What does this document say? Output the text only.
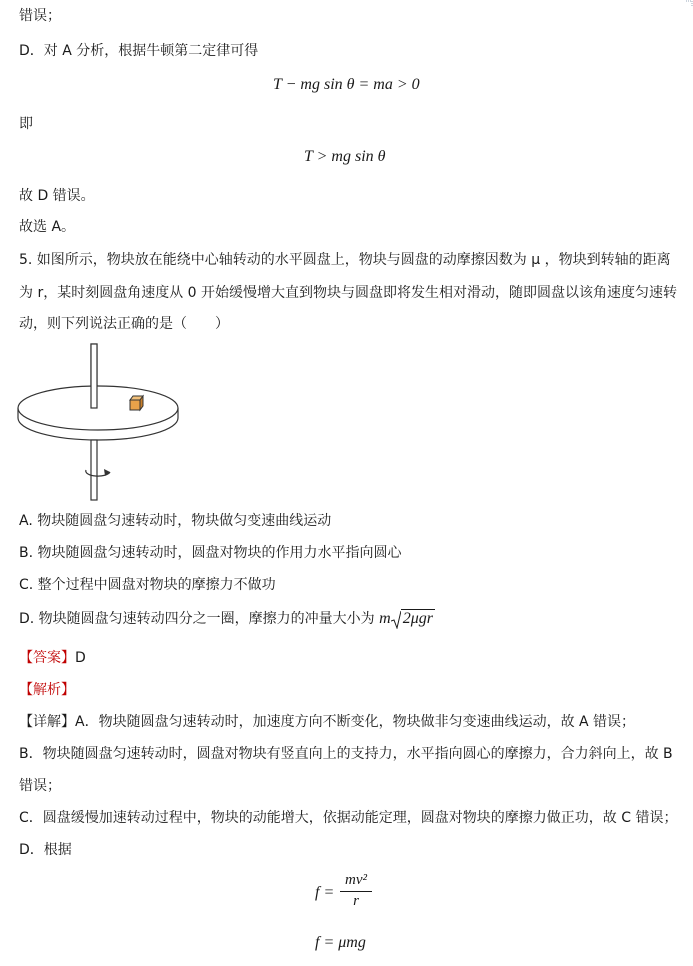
错误；
D．对 A 分析，根据牛顿第二定律可得
T − mg sin θ = ma > 0
即
T > mg sin θ
故 D 错误。
故选 A。
5. 如图所示，物块放在能绕中心轴转动的水平圆盘上，物块与圆盘的动摩擦因数为 μ ，物块到转轴的距离
为 r，某时刻圆盘角速度从 0 开始缓慢增大直到物块与圆盘即将发生相对滑动，随即圆盘以该角速度匀速转
动，则下列说法正确的是（　　）
A. 物块随圆盘匀速转动时，物块做匀变速曲线运动
B. 物块随圆盘匀速转动时，圆盘对物块的作用力水平指向圆心
C. 整个过程中圆盘对物块的摩擦力不做功
D. 物块随圆盘匀速转动四分之一圈，摩擦力的冲量大小为 m 2μgr
【答案】D
【解析】
【详解】A．物块随圆盘匀速转动时，加速度方向不断变化，物块做非匀变速曲线运动，故 A 错误；
B．物块随圆盘匀速转动时，圆盘对物块有竖直向上的支持力，水平指向圆心的摩擦力，合力斜向上，故 B
错误；
C．圆盘缓慢加速转动过程中，物块的动能增大，依据动能定理，圆盘对物块的摩擦力做正功，故 C 错误；
D．根据
f =
mv²
r
f = μmg
